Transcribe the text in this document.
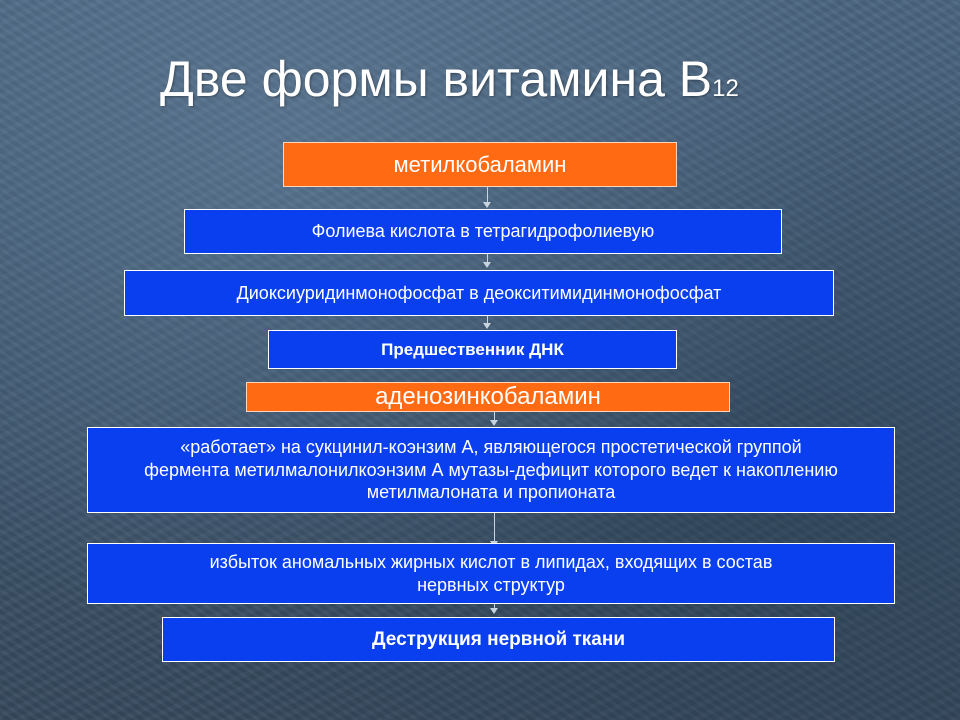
Две формы витамина В12
метилкобаламин
Фолиева кислота в тетрагидрофолиевую
Диоксиуридинмонофосфат в деокситимидинмонофосфат
Предшественник ДНК
аденозинкобаламин
«работает» на сукцинил-коэнзим А, являющегося простетической группой фермента метилмалонилкоэнзим А мутазы-дефицит которого ведет к накоплению метилмалоната и пропионата
избыток аномальных жирных кислот в липидах, входящих в состав нервных структур
Деструкция нервной ткани
